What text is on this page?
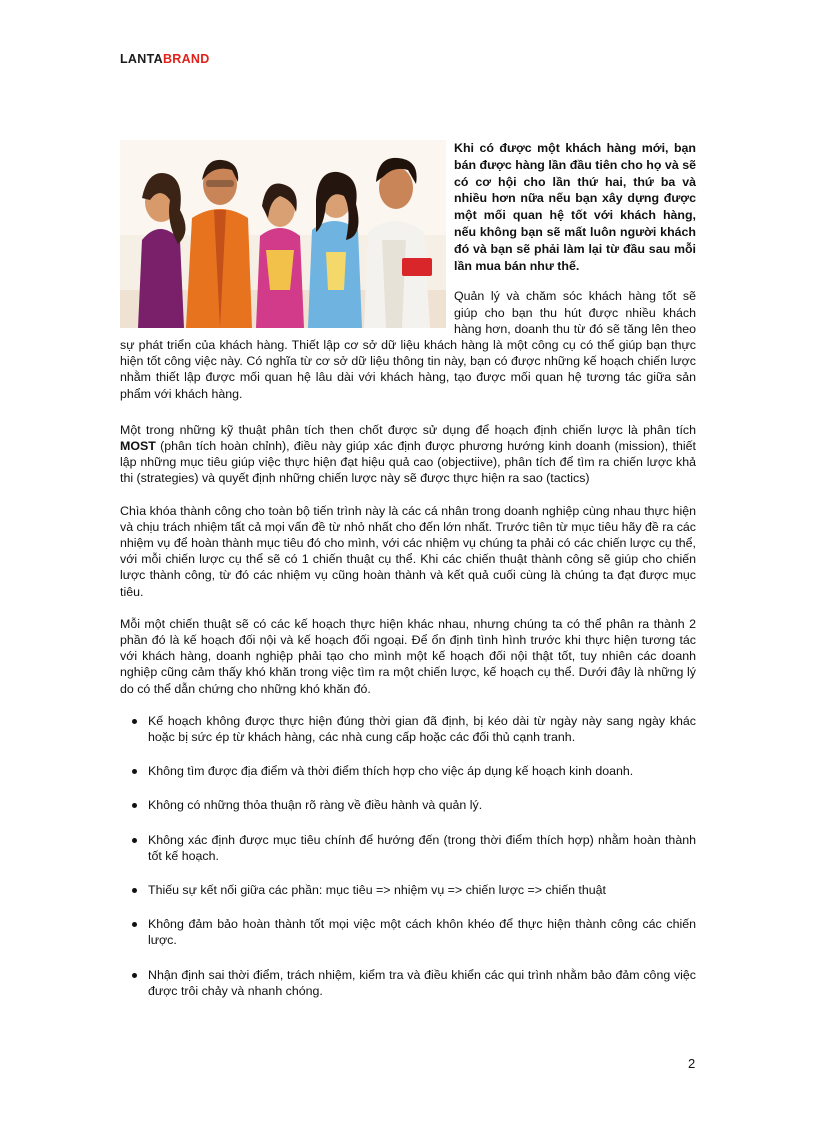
LANTABRAND

Khi có được một khách hàng mới, bạn bán được hàng lần đầu tiên cho họ và sẽ có cơ hội cho lần thứ hai, thứ ba và nhiều hơn nữa nếu bạn xây dựng được một mối quan hệ tốt với khách hàng, nếu không bạn sẽ mất luôn người khách đó và bạn sẽ phải làm lại từ đầu sau mỗi lần mua bán như thế.

Quản lý và chăm sóc khách hàng tốt sẽ giúp cho bạn thu hút được nhiều khách hàng hơn, doanh thu từ đó sẽ tăng lên theo sự phát triển của khách hàng. Thiết lập cơ sở dữ liệu khách hàng là một công cụ có thể giúp bạn thực hiện tốt công việc này. Có nghĩa từ cơ sở dữ liệu thông tin này, bạn có được những kế hoạch chiến lược nhằm thiết lập được mối quan hệ lâu dài với khách hàng, tạo được mối quan hệ tương tác giữa sản phẩm với khách hàng.

Một trong những kỹ thuật phân tích then chốt được sử dụng để hoạch định chiến lược là phân tích MOST (phân tích hoàn chỉnh), điều này giúp xác định được phương hướng kinh doanh (mission), thiết lập những mục tiêu giúp việc thực hiện đạt hiệu quả cao (objectiive), phân tích để tìm ra chiến lược khả thi (strategies) và quyết định những chiến lược này sẽ được thực hiện ra sao (tactics)

Chìa khóa thành công cho toàn bộ tiến trình này là các cá nhân trong doanh nghiệp cùng nhau thực hiện và chịu trách nhiệm tất cả mọi vấn đề từ nhỏ nhất cho đến lớn nhất. Trước tiên từ mục tiêu hãy đề ra các nhiệm vụ để hoàn thành mục tiêu đó cho mình, với các nhiệm vụ chúng ta phải có các chiến lược cụ thể, với mỗi chiến lược cụ thể sẽ có 1 chiến thuật cụ thể. Khi các chiến thuật thành công sẽ giúp cho chiến lược thành công, từ đó các nhiệm vụ cũng hoàn thành và kết quả cuối cùng là chúng ta đạt được mục tiêu.

Mỗi một chiến thuật sẽ có các kế hoạch thực hiện khác nhau, nhưng chúng ta có thể phân ra thành 2 phần đó là kế hoạch đối nội và kế hoạch đối ngoại. Để ổn định tình hình trước khi thực hiện tương tác với khách hàng, doanh nghiệp phải tạo cho mình một kế hoạch đối nội thật tốt, tuy nhiên các doanh nghiệp cũng cảm thấy khó khăn trong việc tìm ra một chiến lược, kế hoạch cụ thể. Dưới đây là những lý do có thể dẫn chứng cho những khó khăn đó.

Kế hoạch không được thực hiện đúng thời gian đã định, bị kéo dài từ ngày này sang ngày khác hoặc bị sức ép từ khách hàng, các nhà cung cấp hoặc các đối thủ cạnh tranh.
Không tìm được địa điểm và thời điểm thích hợp cho việc áp dụng kế hoạch kinh doanh.
Không có những thỏa thuận rõ ràng về điều hành và quản lý.
Không xác định được mục tiêu chính để hướng đến (trong thời điểm thích hợp) nhằm hoàn thành tốt kế hoạch.
Thiếu sự kết nối giữa các phần: mục tiêu => nhiệm vụ => chiến lược => chiến thuật
Không đảm bảo hoàn thành tốt mọi việc một cách khôn khéo để thực hiện thành công các chiến lược.
Nhận định sai thời điểm, trách nhiệm, kiểm tra và điều khiển các qui trình nhằm bảo đảm công việc được trôi chảy và nhanh chóng.
2
